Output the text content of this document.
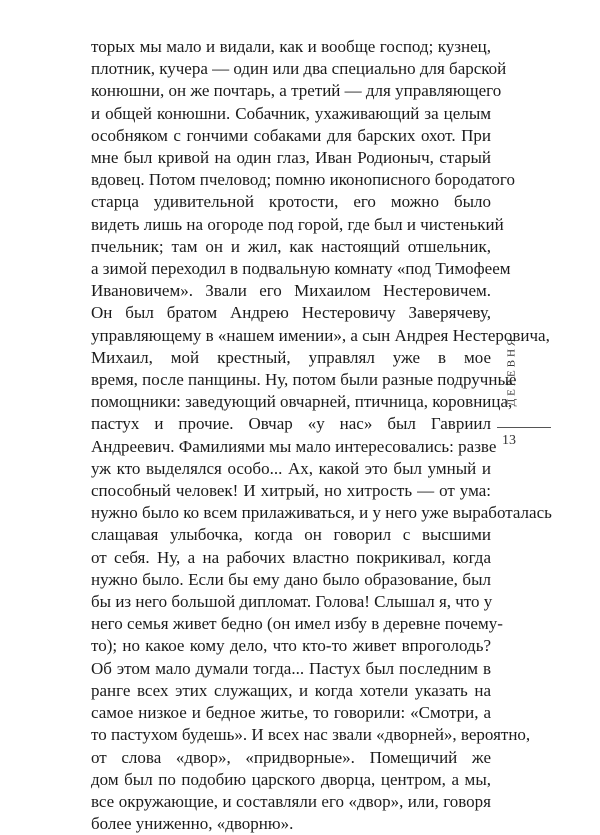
торых мы мало и видали, как и вообще господ; кузнец,
плотник, кучера — один или два специально для барской
конюшни, он же почтарь, а третий — для управляющего
и общей конюшни. Собачник, ухаживающий за целым
особняком с гончими собаками для барских охот. При
мне был кривой на один глаз, Иван Родионыч, старый
вдовец. Потом пчеловод; помню иконописного бородатого
старца удивительной кротости, его можно было
видеть лишь на огороде под горой, где был и чистенький
пчельник; там он и жил, как настоящий отшельник,
а зимой переходил в подвальную комнату «под Тимофеем
Ивановичем». Звали его Михаилом Нестеровичем.
Он был братом Андрею Нестеровичу Заверячеву,
управляющему в «нашем имении», а сын Андрея Нестеровича,
Михаил, мой крестный, управлял уже в мое
время, после панщины. Ну, потом были разные подручные
помощники: заведующий овчарней, птичница, коровница,
пастух и прочие. Овчар «у нас» был Гавриил
Андреевич. Фамилиями мы мало интересовались: разве
уж кто выделялся особо... Ах, какой это был умный и
способный человек! И хитрый, но хитрость — от ума:
нужно было ко всем прилаживаться, и у него уже выработалась
слащавая улыбочка, когда он говорил с высшими
от себя. Ну, а на рабочих властно покрикивал, когда
нужно было. Если бы ему дано было образование, был
бы из него большой дипломат. Голова! Слышал я, что у
него семья живет бедно (он имел избу в деревне почему-
то); но какое кому дело, что кто-то живет впроголодь?
Об этом мало думали тогда... Пастух был последним в
ранге всех этих служащих, и когда хотели указать на
самое низкое и бедное житье, то говорили: «Смотри, а
то пастухом будешь». И всех нас звали «дворней», вероятно,
от слова «двор», «придворные». Помещичий же
дом был по подобию царского дворца, центром, а мы,
все окружающие, и составляли его «двор», или, говоря
более униженно, «дворню».
ДЕРЕВНЯ
13
